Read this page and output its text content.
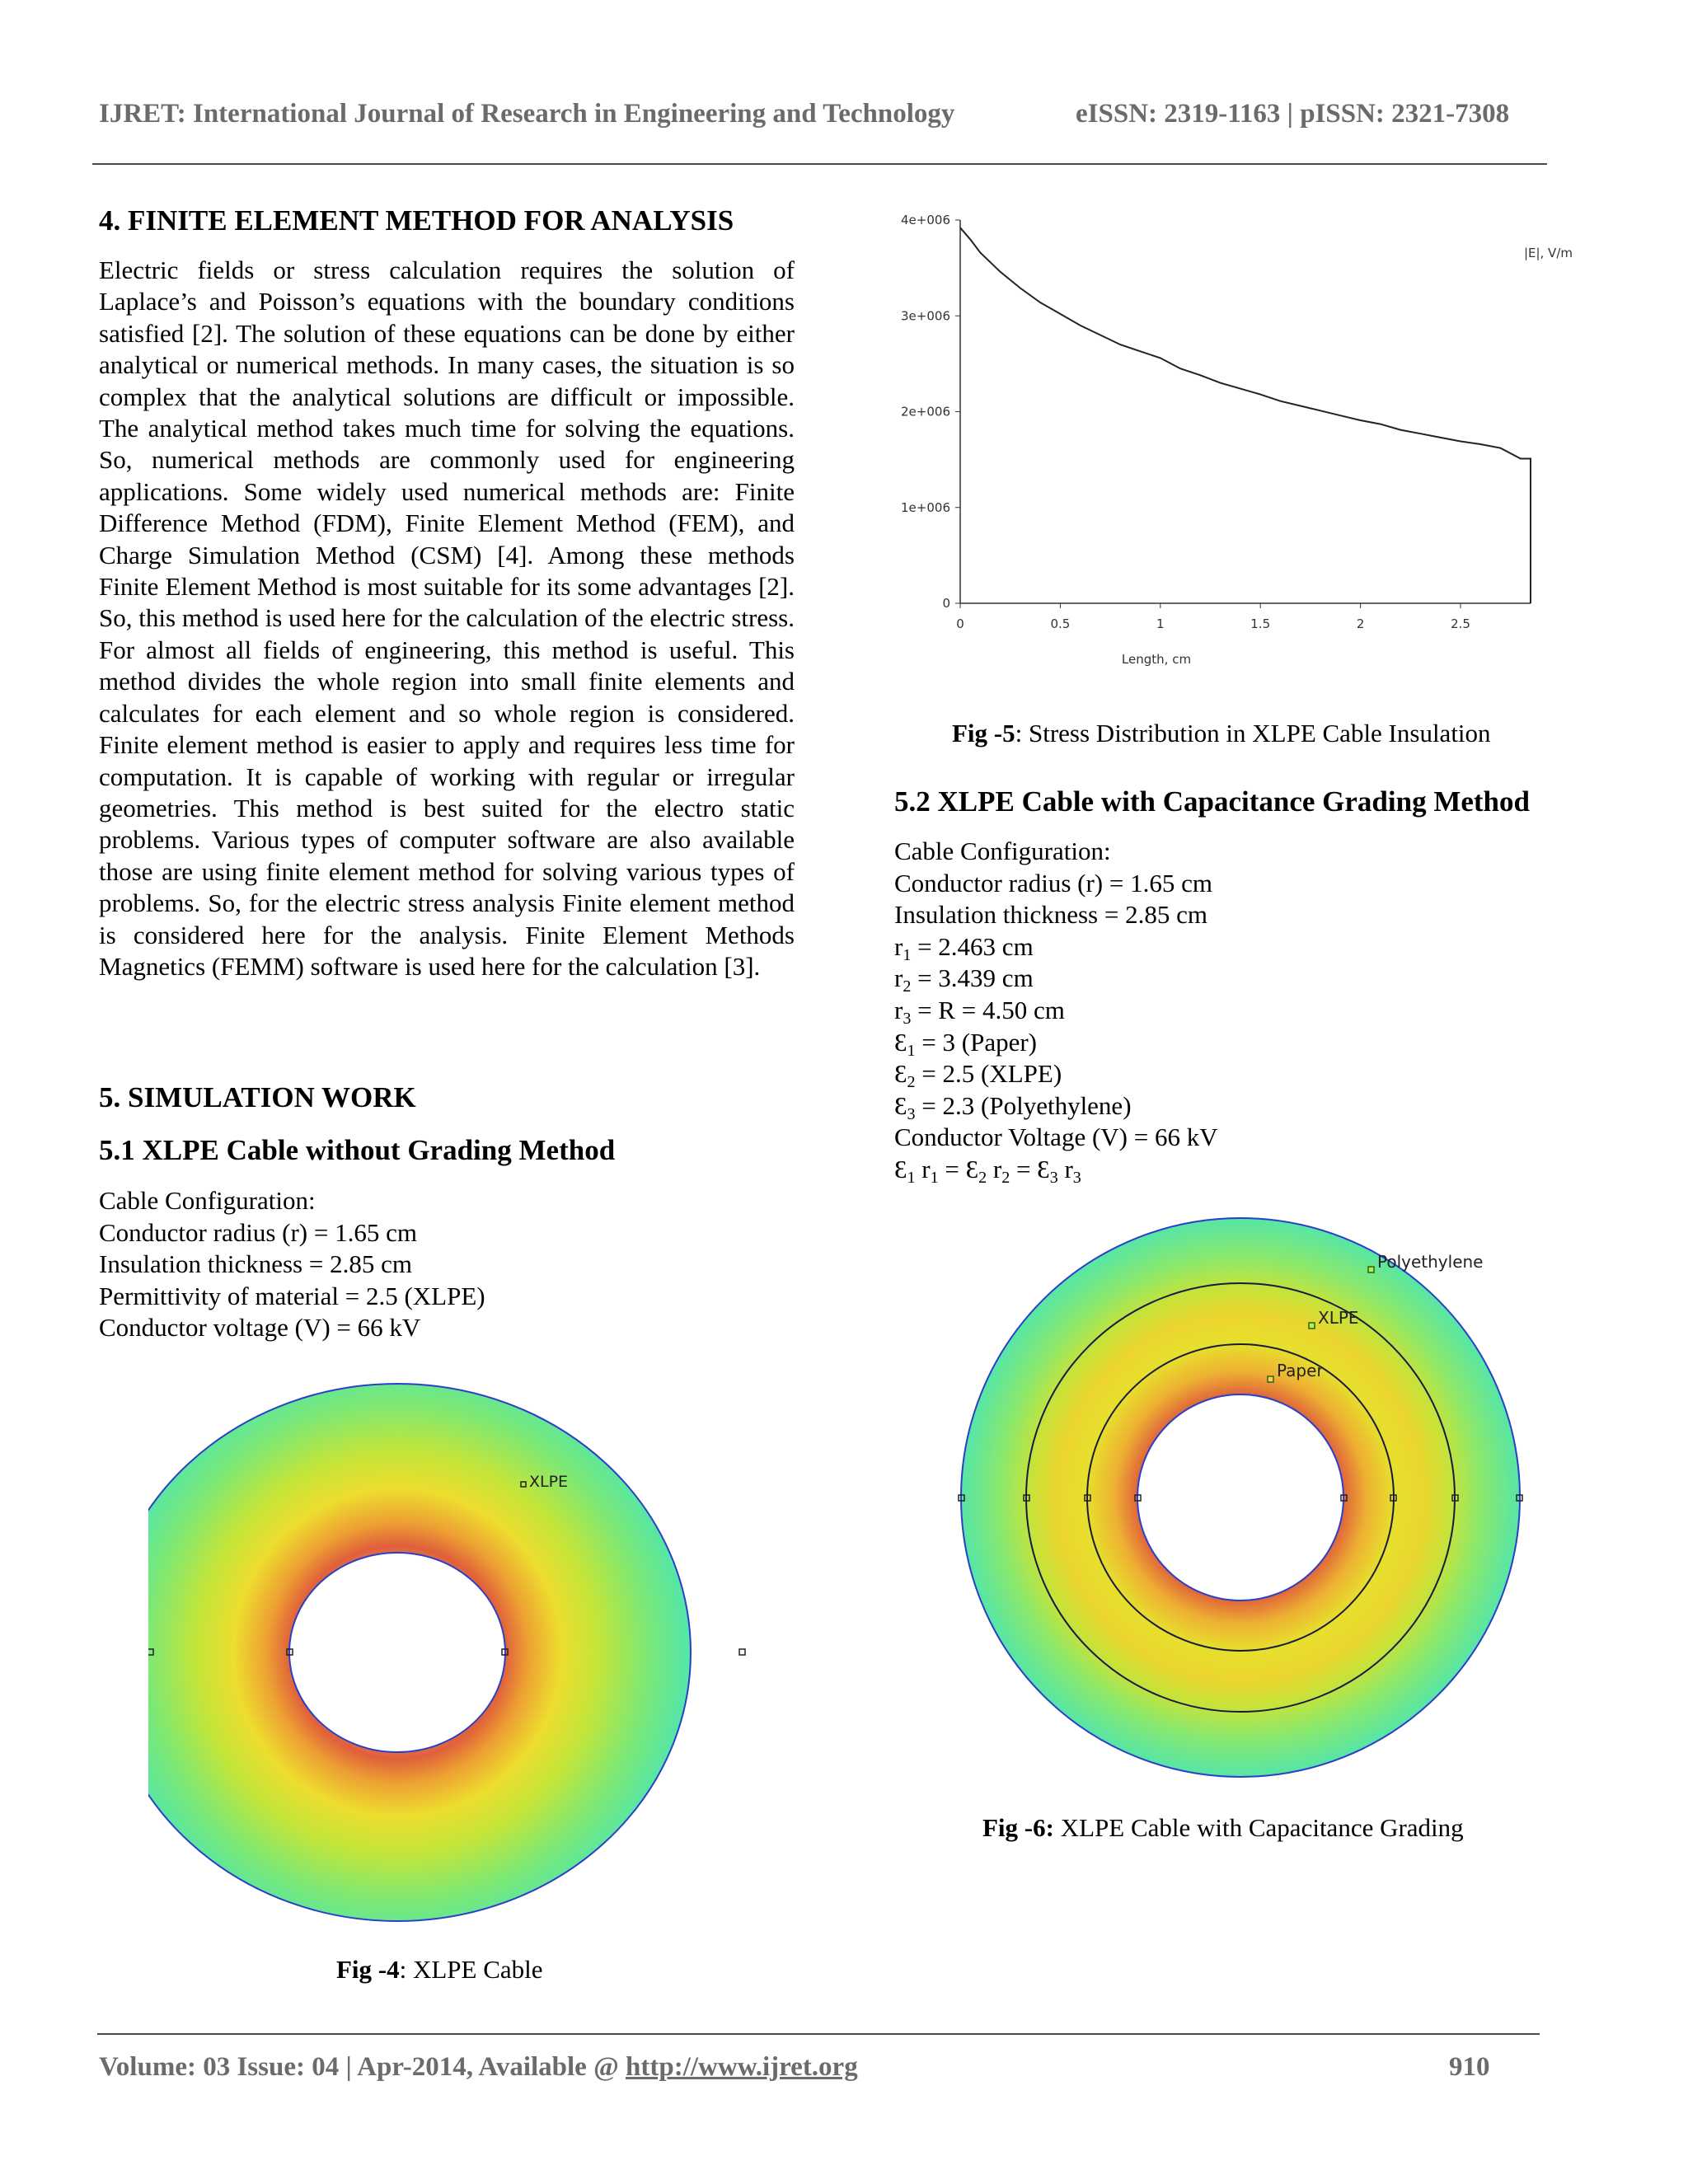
IJRET: International Journal of Research in Engineering and Technology	eISSN: 2319-1163 | pISSN: 2321-7308
4. FINITE ELEMENT METHOD FOR ANALYSIS
Electric fields or stress calculation requires the solution of Laplace’s and Poisson’s equations with the boundary conditions satisfied [2]. The solution of these equations can be done by either analytical or numerical methods. In many cases, the situation is so complex that the analytical solutions are difficult or impossible. The analytical method takes much time for solving the equations. So, numerical methods are commonly used for engineering applications. Some widely used numerical methods are: Finite Difference Method (FDM), Finite Element Method (FEM), and Charge Simulation Method (CSM) [4]. Among these methods Finite Element Method is most suitable for its some advantages [2]. So, this method is used here for the calculation of the electric stress. For almost all fields of engineering, this method is useful. This method divides the whole region into small finite elements and calculates for each element and so whole region is considered. Finite element method is easier to apply and requires less time for computation. It is capable of working with regular or irregular geometries. This method is best suited for the electro static problems. Various types of computer software are also available those are using finite element method for solving various types of problems. So, for the electric stress analysis Finite element method is considered here for the analysis. Finite Element Methods Magnetics (FEMM) software is used here for the calculation [3].
5. SIMULATION WORK
5.1 XLPE Cable without Grading Method
Cable Configuration:
Conductor radius (r) = 1.65 cm
Insulation thickness = 2.85 cm
Permittivity of material = 2.5 (XLPE)
Conductor voltage (V) = 66 kV
XLPE
Fig -4: XLPE Cable
0	0.5	1	1.5	2	2.5
0
1e+006
2e+006
3e+006
4e+006
Length, cm
|E|, V/m
Fig -5: Stress Distribution in XLPE Cable Insulation
5.2 XLPE Cable with Capacitance Grading Method
Cable Configuration:
Conductor radius (r) = 1.65 cm
Insulation thickness = 2.85 cm
$r_1 = 2.463$ cm
$r_2 = 3.439$ cm
$r_3 = R = 4.50$ cm
$Ɛ_1 = 3$ (Paper)
$Ɛ_2 = 2.5$ (XLPE)
$Ɛ_3 = 2.3$ (Polyethylene)
Conductor Voltage (V) = 66 kV
$Ɛ_1$ $r_1$ = $Ɛ_2$ $r_2$ = $Ɛ_3$ $r_3$
Polyethylene
XLPE
Paper
Fig -6: XLPE Cable with Capacitance Grading
Volume: 03 Issue: 04 | Apr-2014, Available @ http://www.ijret.org	910
